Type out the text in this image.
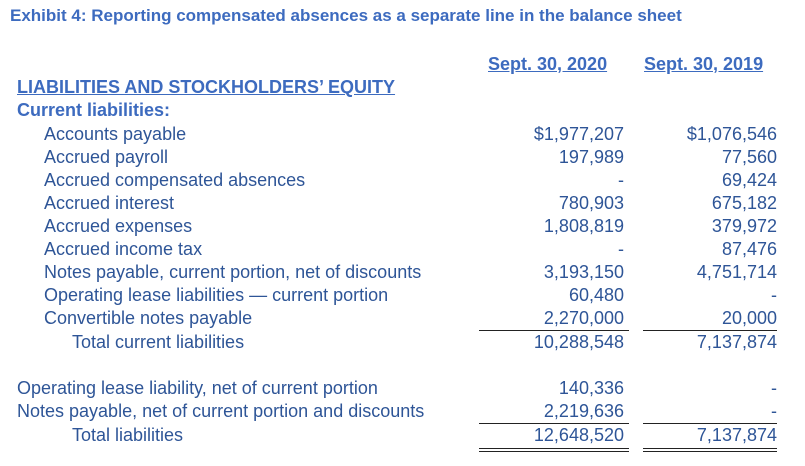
Exhibit 4: Reporting compensated absences as a separate line in the balance sheet
Sept. 30, 2020 Sept. 30, 2019
LIABILITIES AND STOCKHOLDERS’ EQUITY
Current liabilities:
Accounts payable	$1,977,207	$1,076,546
Accrued payroll	197,989	77,560
Accrued compensated absences	-	69,424
Accrued interest	780,903	675,182
Accrued expenses	1,808,819	379,972
Accrued income tax	-	87,476
Notes payable, current portion, net of discounts	3,193,150	4,751,714
Operating lease liabilities — current portion	60,480	-
Convertible notes payable	2,270,000	20,000
Total current liabilities	10,288,548	7,137,874
Operating lease liability, net of current portion	140,336	-
Notes payable, net of current portion and discounts	2,219,636	-
Total liabilities	12,648,520	7,137,874
